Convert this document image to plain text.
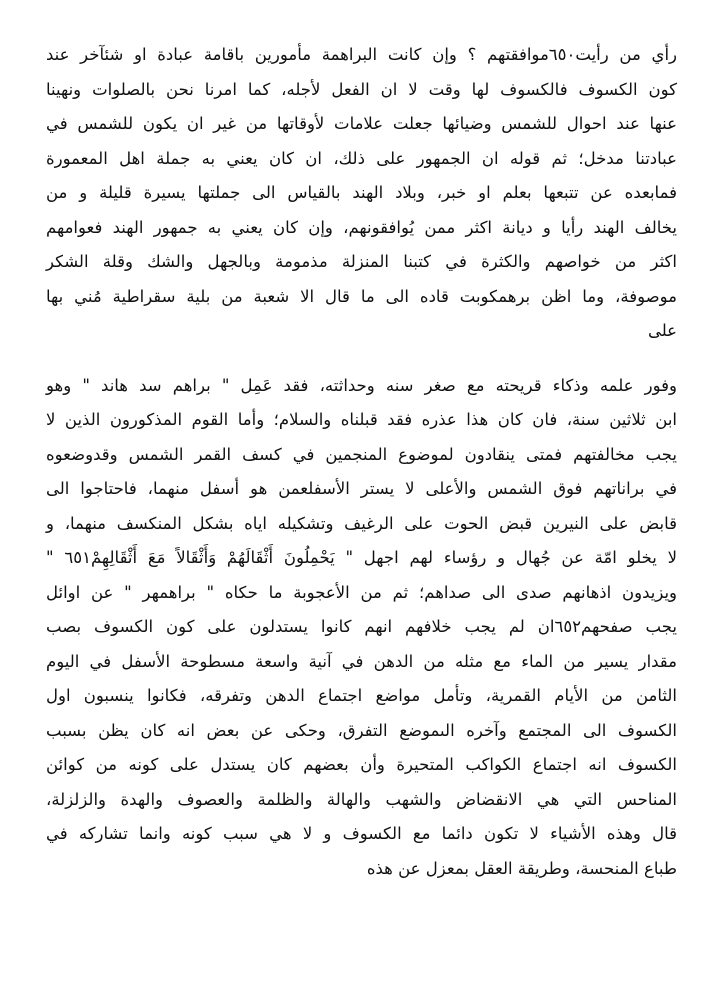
رأي من رأيت٦٥٠موافقتهم ؟ وإن كانت البراهمة مأمورين باقامة عبادة او شئآخر عند
كون الكسوف فالكسوف لها وقت لا ان الفعل لأجله، كما امرنا نحن بالصلوات ونهينا
عنها عند احوال للشمس وضيائها جعلت علامات لأوقاتها من غير ان يكون للشمس في
عبادتنا مدخل؛ ثم قوله ان الجمهور على ذلك، ان كان يعني به جملة اهل المعمورة
فمابعده عن تتبعها بعلم او خبر، وبلاد الهند بالقياس الى جملتها يسيرة قليلة و من
يخالف الهند رأيا و ديانة اكثر ممن يُوافقونهم، وإن كان يعني به جمهور الهند فعوامهم
اكثر من خواصهم والكثرة في كتبنا المنزلة مذمومة وبالجهل والشك وقلة الشكر
موصوفة، وما اظن برهمكوبت قاده الى ما قال الا شعبة من بلية سقراطية مُني بها
على
وفور علمه وذكاء قريحته مع صغر سنه وحداثته، فقد عَمِل " براهم سد هاند " وهو
ابن ثلاثين سنة، فان كان هذا عذره فقد قبلناه والسلام؛ وأما القوم المذكورون الذين لا
يجب مخالفتهم فمتى ينقادون لموضوع المنجمين في كسف القمر الشمس وقدوضعوه
في براناتهم فوق الشمس والأعلى لا يستر الأسفلعمن هو أسفل منهما، فاحتاجوا الى
قابض على النيرين قبض الحوت على الرغيف وتشكيله اياه بشكل المنكسف منهما، و
لا يخلو امّة عن جُهال و رؤساء لهم اجهل " يَحْمِلُونَ أَثْقَالَهُمْ وَأَثْقَالاً مَعَ أَثْقَالِهِمْ٦٥١ "
ويزيدون اذهانهم صدى الى صداهم؛ ثم من الأعجوبة ما حكاه " براهمهر " عن اوائل
يجب صفحهم٦٥٢ان لم يجب خلافهم انهم كانوا يستدلون على كون الكسوف بصب
مقدار يسير من الماء مع مثله من الدهن في آنية واسعة مسطوحة الأسفل في اليوم
الثامن من الأيام القمرية، وتأمل مواضع اجتماع الدهن وتفرقه، فكانوا ينسبون اول
الكسوف الى المجتمع وآخره الىموضع التفرق، وحكى عن بعض انه كان يظن بسبب
الكسوف انه اجتماع الكواكب المتحيرة وأن بعضهم كان يستدل على كونه من كوائن
المناحس التي هي الانقضاض والشهب والهالة والظلمة والعصوف والهدة والزلزلة،
قال وهذه الأشياء لا تكون دائما مع الكسوف و لا هي سبب كونه وانما تشاركه في
طباع المنحسة، وطريقة العقل بمعزل عن هذه
